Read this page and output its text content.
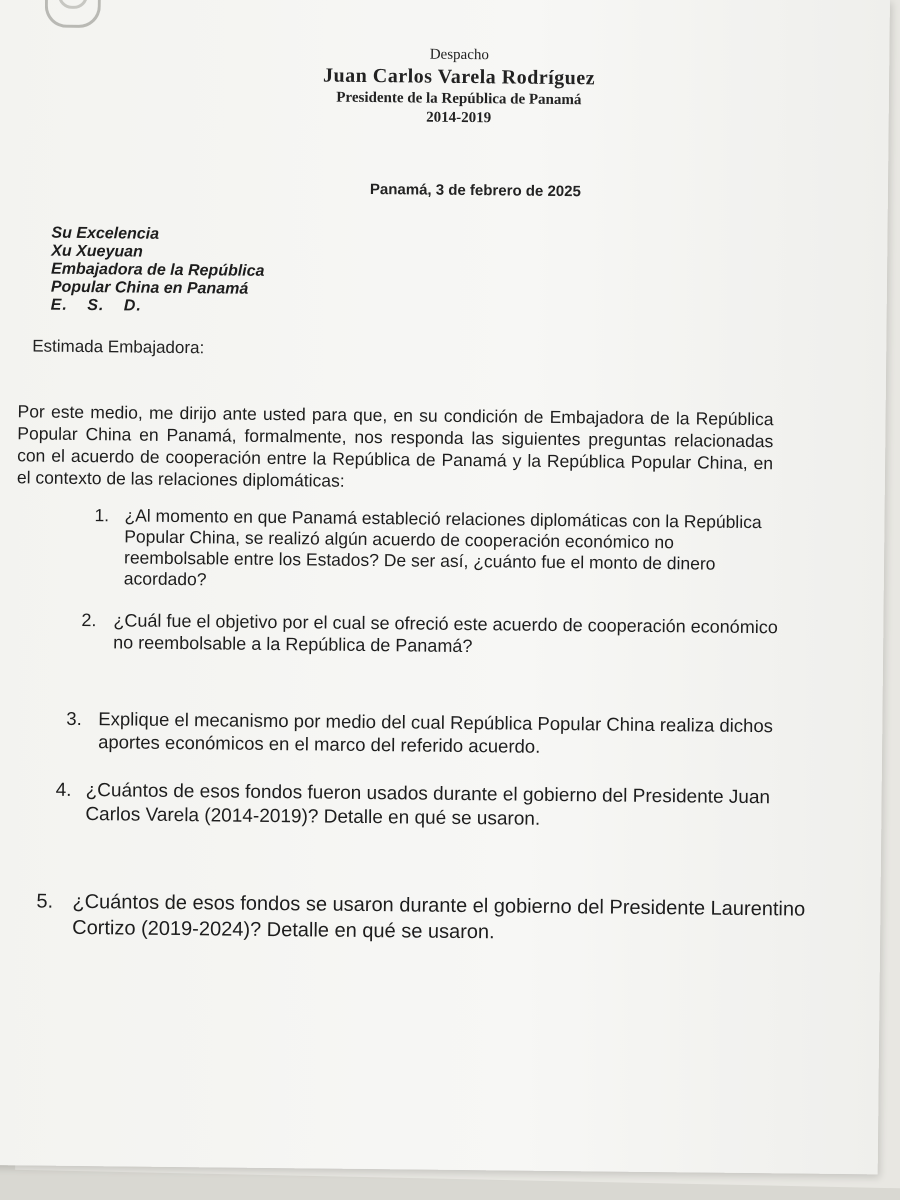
Despacho
Juan Carlos Varela Rodríguez
Presidente de la República de Panamá
2014-2019
Panamá, 3 de febrero de 2025
Su Excelencia
Xu Xueyuan
Embajadora de la República
Popular China en Panamá
E. S. D.
Estimada Embajadora:
Por este medio, me dirijo ante usted para que, en su condición de Embajadora de la República Popular China en Panamá, formalmente, nos responda las siguientes preguntas relacionadas con el acuerdo de cooperación entre la República de Panamá y la República Popular China, en el contexto de las relaciones diplomáticas:
1. ¿Al momento en que Panamá estableció relaciones diplomáticas con la República Popular China, se realizó algún acuerdo de cooperación económico no reembolsable entre los Estados? De ser así, ¿cuánto fue el monto de dinero acordado?
2. ¿Cuál fue el objetivo por el cual se ofreció este acuerdo de cooperación económico no reembolsable a la República de Panamá?
3. Explique el mecanismo por medio del cual República Popular China realiza dichos aportes económicos en el marco del referido acuerdo.
4. ¿Cuántos de esos fondos fueron usados durante el gobierno del Presidente Juan Carlos Varela (2014-2019)? Detalle en qué se usaron.
5. ¿Cuántos de esos fondos se usaron durante el gobierno del Presidente Laurentino Cortizo (2019-2024)? Detalle en qué se usaron.
